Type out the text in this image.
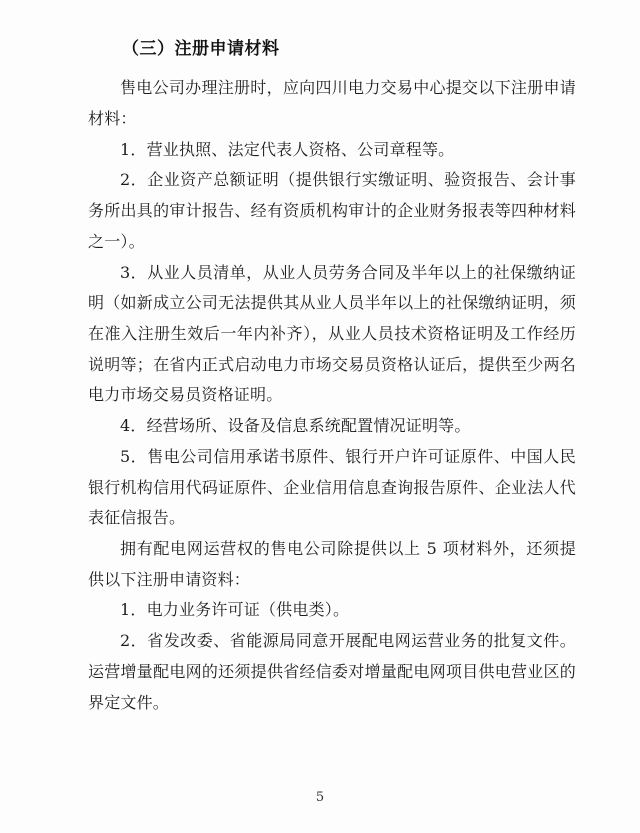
（三）注册申请材料

售电公司办理注册时，应向四川电力交易中心提交以下注册申请材料：

1．营业执照、法定代表人资格、公司章程等。

2．企业资产总额证明（提供银行实缴证明、验资报告、会计事务所出具的审计报告、经有资质机构审计的企业财务报表等四种材料之一）。

3．从业人员清单，从业人员劳务合同及半年以上的社保缴纳证明（如新成立公司无法提供其从业人员半年以上的社保缴纳证明，须在准入注册生效后一年内补齐），从业人员技术资格证明及工作经历说明等；在省内正式启动电力市场交易员资格认证后，提供至少两名电力市场交易员资格证明。

4．经营场所、设备及信息系统配置情况证明等。

5．售电公司信用承诺书原件、银行开户许可证原件、中国人民银行机构信用代码证原件、企业信用信息查询报告原件、企业法人代表征信报告。

拥有配电网运营权的售电公司除提供以上 5 项材料外，还须提供以下注册申请资料：

1．电力业务许可证（供电类）。

2．省发改委、省能源局同意开展配电网运营业务的批复文件。运营增量配电网的还须提供省经信委对增量配电网项目供电营业区的界定文件。

5
